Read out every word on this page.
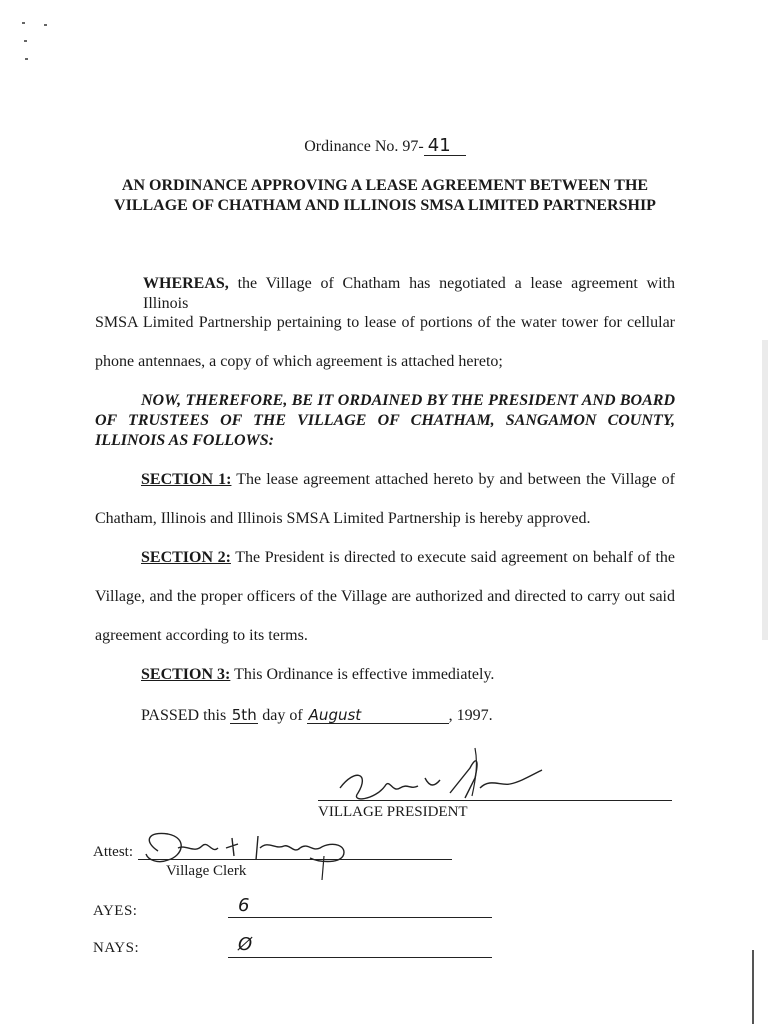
Ordinance No. 97- 41
AN ORDINANCE APPROVING A LEASE AGREEMENT BETWEEN THE
VILLAGE OF CHATHAM AND ILLINOIS SMSA LIMITED PARTNERSHIP
WHEREAS, the Village of Chatham has negotiated a lease agreement with Illinois
SMSA Limited Partnership pertaining to lease of portions of the water tower for cellular
phone antennaes, a copy of which agreement is attached hereto;
NOW, THEREFORE, BE IT ORDAINED BY THE PRESIDENT AND BOARD
OF TRUSTEES OF THE VILLAGE OF CHATHAM, SANGAMON COUNTY,
ILLINOIS AS FOLLOWS:
SECTION 1: The lease agreement attached hereto by and between the Village of
Chatham, Illinois and Illinois SMSA Limited Partnership is hereby approved.
SECTION 2: The President is directed to execute said agreement on behalf of the
Village, and the proper officers of the Village are authorized and directed to carry out said
agreement according to its terms.
SECTION 3: This Ordinance is effective immediately.
PASSED this 5th day of August	, 1997.
VILLAGE PRESIDENT
Attest:
Village Clerk
AYES:	6
NAYS:	Ø
